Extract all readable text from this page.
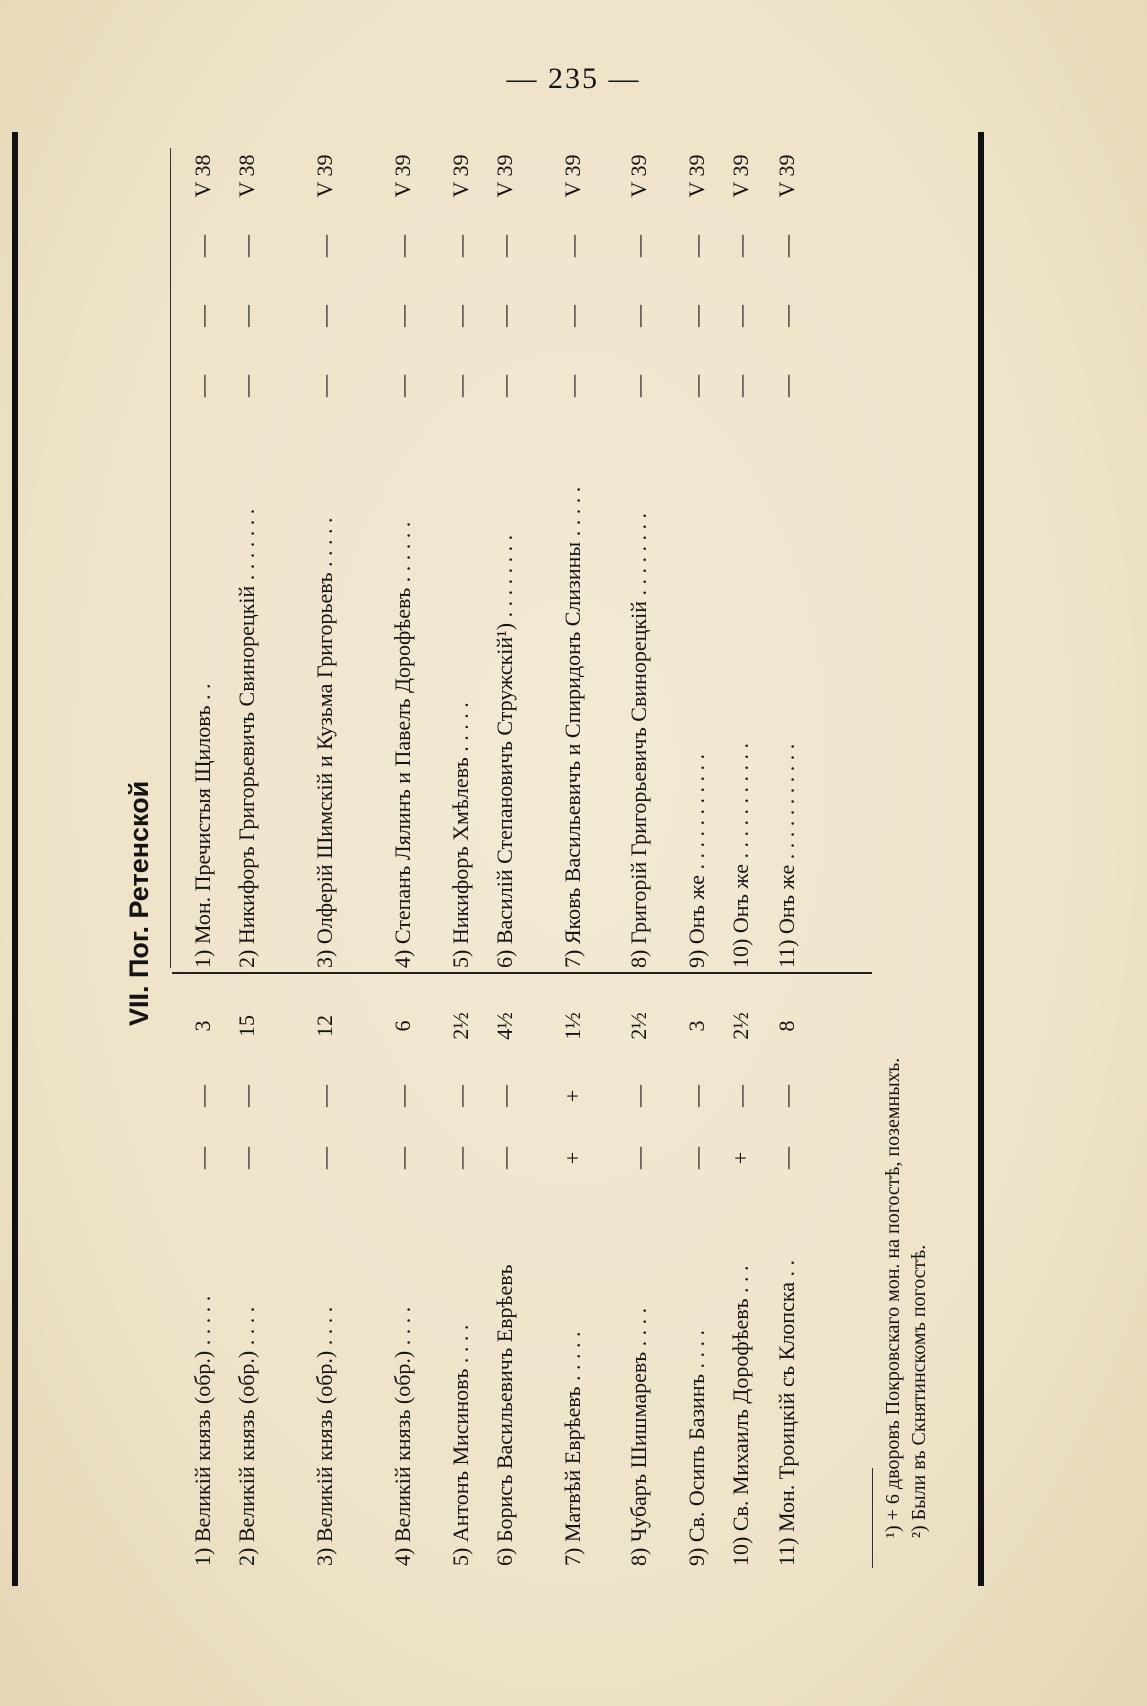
— 235 —
VII. Пог. Ретенской
1) Великій князь (обр.) . . . . .
—
—
3
1) Мон. Пречистыя Щиловъ . .
—
—
—
V 38
2) Великій князь (обр.) . . . .
—
—
15
2) Никифоръ Григорьевичъ Свинорецкій . . . . . . .
—
—
—
V 38
3) Великій князь (обр.) . . . .
—
—
12
3) Олферій Шимскій и Кузьма Григорьевъ . . . . .
—
—
—
V 39
4) Великій князь (обр.) . . . .
—
—
6
4) Степанъ Лялинъ и Павелъ Дорофѣевъ . . . . . .
—
—
—
V 39
5) Антонъ Мисиновъ . . . .
—
—
2½
5) Никифоръ Хмѣлевъ . . . . .
—
—
—
V 39
6) Борисъ Васильевичъ Еврѣевъ
—
—
4½
6) Василій Степановичъ Стружскій¹) . . . . . . . .
—
—
—
V 39
7) Матвѣй Еврѣевъ . . . . .
+
+
1½
7) Яковъ Васильевичъ и Спиридонъ Слизины . . . . .
—
—
—
V 39
8) Чубаръ Шишмаревъ . . . .
—
—
2½
8) Григорій Григорьевичъ Свинорецкій . . . . . . . .
—
—
—
V 39
9) Св. Осипъ Базинъ . . . .
—
—
3
9) Онъ же . . . . . . . . . . .
—
—
—
V 39
10) Св. Михаилъ Дорофѣевъ . . .
+
—
2½
10) Онъ же . . . . . . . . . . .
—
—
—
V 39
11) Мон. Троицкій съ Клопска . .
—
—
8
11) Онъ же . . . . . . . . . . .
—
—
—
V 39
¹) + 6 дворовъ Покровскаго мон. на погостѣ, поземныхъ. ²) Были въ Скнятинскомъ погостѣ.
